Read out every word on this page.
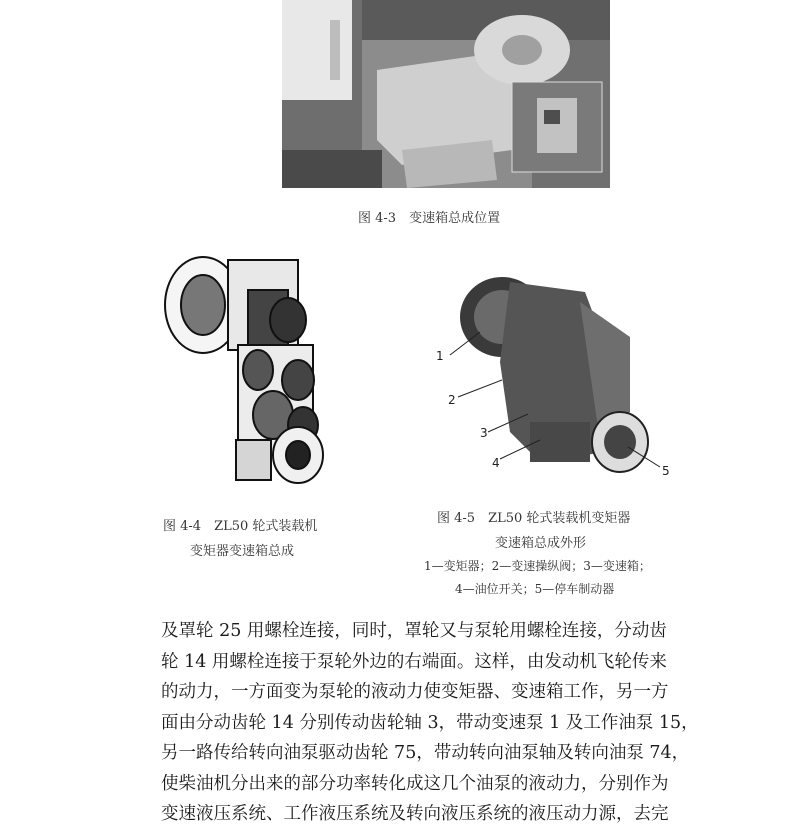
图 4-3　变速箱总成位置
图 4-4　ZL50 轮式装载机
变矩器变速箱总成
1
2
3
4
5
图 4-5　ZL50 轮式装载机变矩器
变速箱总成外形
1—变矩器；2—变速操纵阀；3—变速箱；
4—油位开关；5—停车制动器

及罩轮 25 用螺栓连接，同时，罩轮又与泵轮用螺栓连接，分动齿

轮 14 用螺栓连接于泵轮外边的右端面。这样，由发动机飞轮传来

的动力，一方面变为泵轮的液动力使变矩器、变速箱工作，另一方

面由分动齿轮 14 分别传动齿轮轴 3，带动变速泵 1 及工作油泵 15，

另一路传给转向油泵驱动齿轮 75，带动转向油泵轴及转向油泵 74，

使柴油机分出来的部分功率转化成这几个油泵的液动力，分别作为

变速液压系统、工作液压系统及转向液压系统的液压动力源，去完
